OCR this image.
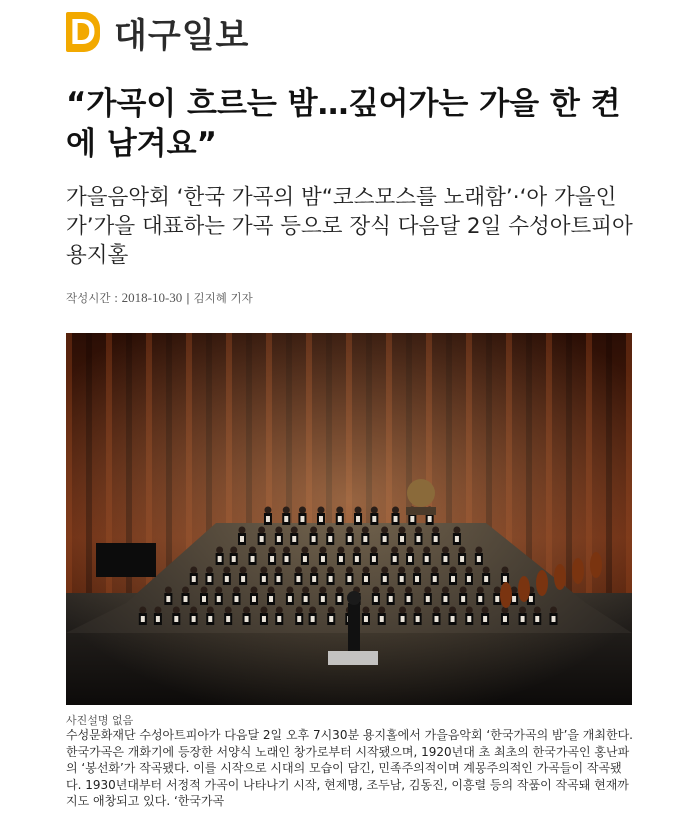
D 대구일보
“가곡이 흐르는 밤…깊어가는 가을 한 켠에 남겨요”
가을음악회 ‘한국 가곡의 밤“코스모스를 노래함’·‘아 가을인가’가을 대표하는 가곡 등으로 장식 다음달 2일 수성아트피아 용지홀
작성시간 : 2018-10-30 | 김지혜 기자
사진설명 없음

수성문화재단 수성아트피아가 다음달 2일 오후 7시30분 용지홀에서 가을음악회 ‘한국가곡의 밤’을 개최한다. 한국가곡은 개화기에 등장한 서양식 노래인 창가로부터 시작됐으며, 1920년대 초 최초의 한국가곡인 홍난파의 ‘봉선화’가 작곡됐다. 이를 시작으로 시대의 모습이 담긴, 민족주의적이며 계몽주의적인 가곡들이 작곡됐다. 1930년대부터 서정적 가곡이 나타나기 시작, 현제명, 조두남, 김동진, 이흥렬 등의 작품이 작곡돼 현재까지도 애창되고 있다. ‘한국가곡
